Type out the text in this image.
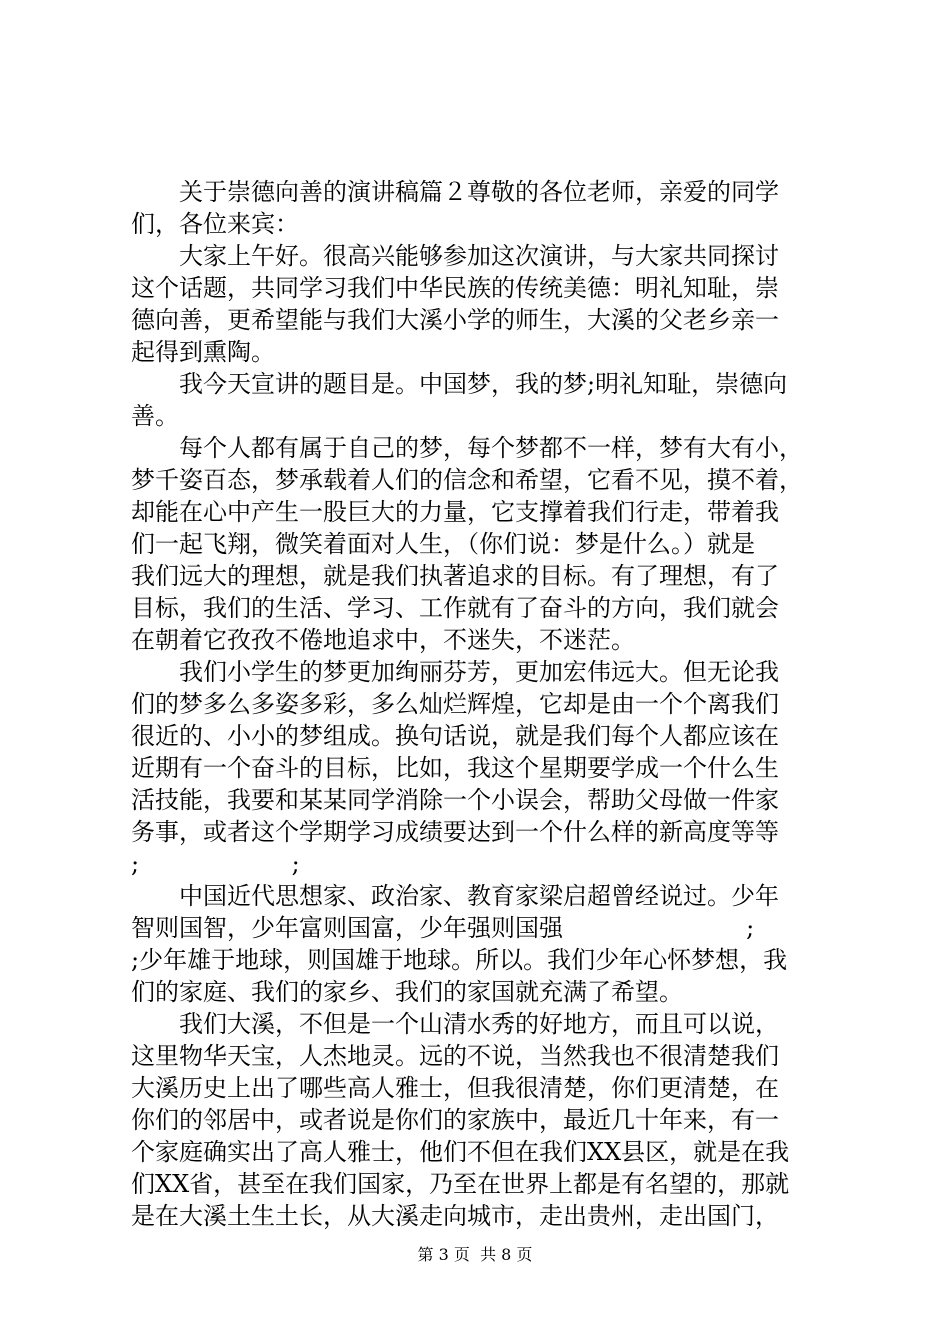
　　关于崇德向善的演讲稿篇２尊敬的各位老师，亲爱的同学
们，各位来宾：
　　大家上午好。很高兴能够参加这次演讲，与大家共同探讨
这个话题，共同学习我们中华民族的传统美德：明礼知耻，崇
德向善，更希望能与我们大溪小学的师生，大溪的父老乡亲一
起得到熏陶。
　　我今天宣讲的题目是。中国梦，我的梦;明礼知耻，崇德向
善。
　　每个人都有属于自己的梦，每个梦都不一样，梦有大有小，
梦千姿百态，梦承载着人们的信念和希望，它看不见，摸不着，
却能在心中产生一股巨大的力量，它支撑着我们行走，带着我
们一起飞翔，微笑着面对人生，（你们说：梦是什么。）就是
我们远大的理想，就是我们执著追求的目标。有了理想，有了
目标，我们的生活、学习、工作就有了奋斗的方向，我们就会
在朝着它孜孜不倦地追求中，不迷失，不迷茫。
　　我们小学生的梦更加绚丽芬芳，更加宏伟远大。但无论我
们的梦多么多姿多彩，多么灿烂辉煌，它却是由一个个离我们
很近的、小小的梦组成。换句话说，就是我们每个人都应该在
近期有一个奋斗的目标，比如，我这个星期要学成一个什么生
活技能，我要和某某同学消除一个小误会，帮助父母做一件家
务事，或者这个学期学习成绩要达到一个什么样的新高度等等
;                    ;
　　中国近代思想家、政治家、教育家梁启超曾经说过。少年
智则国智，少年富则国富，少年强则国强                        ;
;少年雄于地球，则国雄于地球。所以。我们少年心怀梦想，我
们的家庭、我们的家乡、我们的家国就充满了希望。
　　我们大溪，不但是一个山清水秀的好地方，而且可以说，
这里物华天宝，人杰地灵。远的不说，当然我也不很清楚我们
大溪历史上出了哪些高人雅士，但我很清楚，你们更清楚，在
你们的邻居中，或者说是你们的家族中，最近几十年来，有一
个家庭确实出了高人雅士，他们不但在我们XX县区，就是在我
们XX省，甚至在我们国家，乃至在世界上都是有名望的，那就
是在大溪土生土长，从大溪走向城市，走出贵州，走出国门，
第 3 页  共 8 页
